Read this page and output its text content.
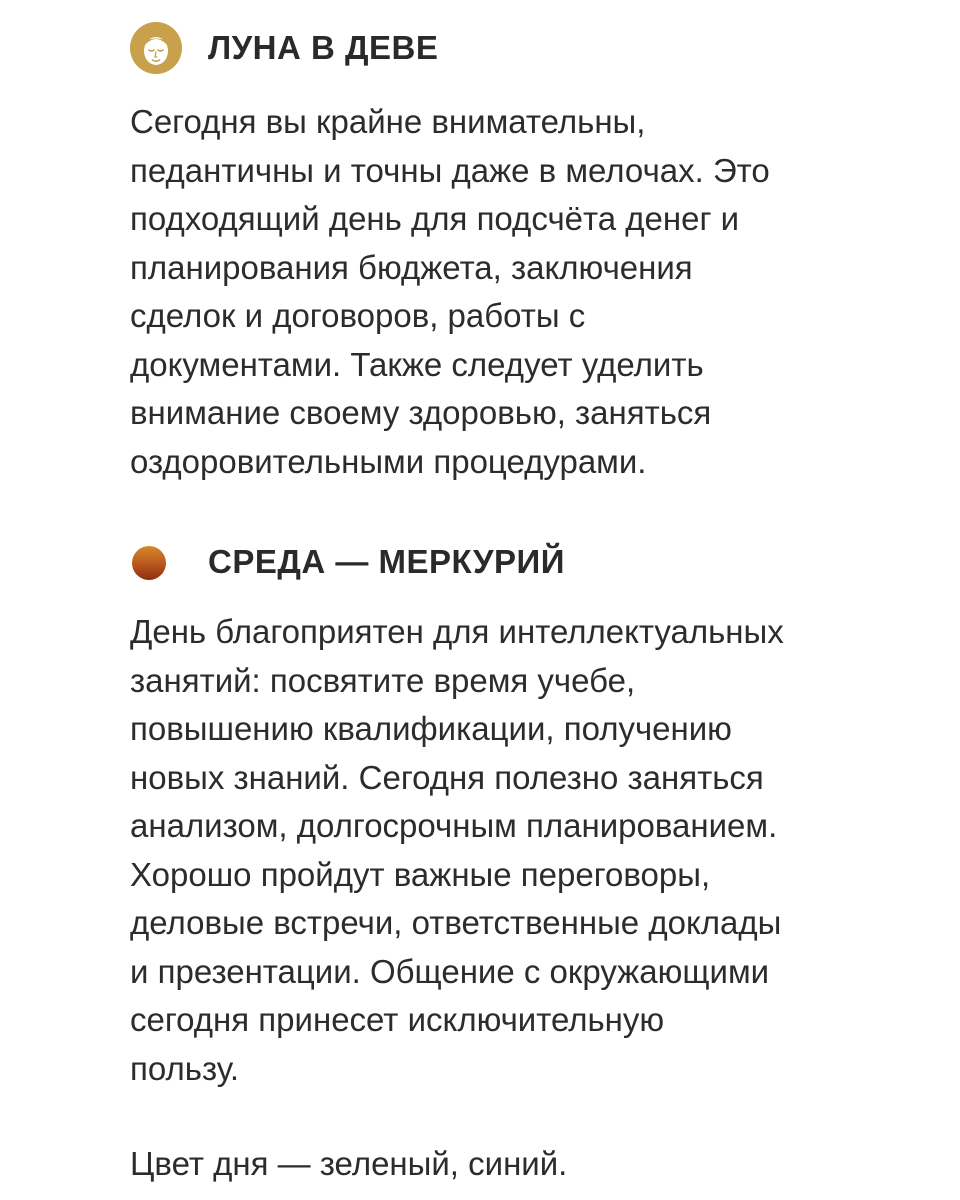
ЛУНА В ДЕВЕ

Сегодня вы крайне внимательны,
педантичны и точны даже в мелочах. Это
подходящий день для подсчёта денег и
планирования бюджета, заключения
сделок и договоров, работы с
документами. Также следует уделить
внимание своему здоровью, заняться
оздоровительными процедурами.

СРЕДА — МЕРКУРИЙ

День благоприятен для интеллектуальных
занятий: посвятите время учебе,
повышению квалификации, получению
новых знаний. Сегодня полезно заняться
анализом, долгосрочным планированием.
Хорошо пройдут важные переговоры,
деловые встречи, ответственные доклады
и презентации. Общение с окружающими
сегодня принесет исключительную
пользу.

Цвет дня — зеленый, синий.
